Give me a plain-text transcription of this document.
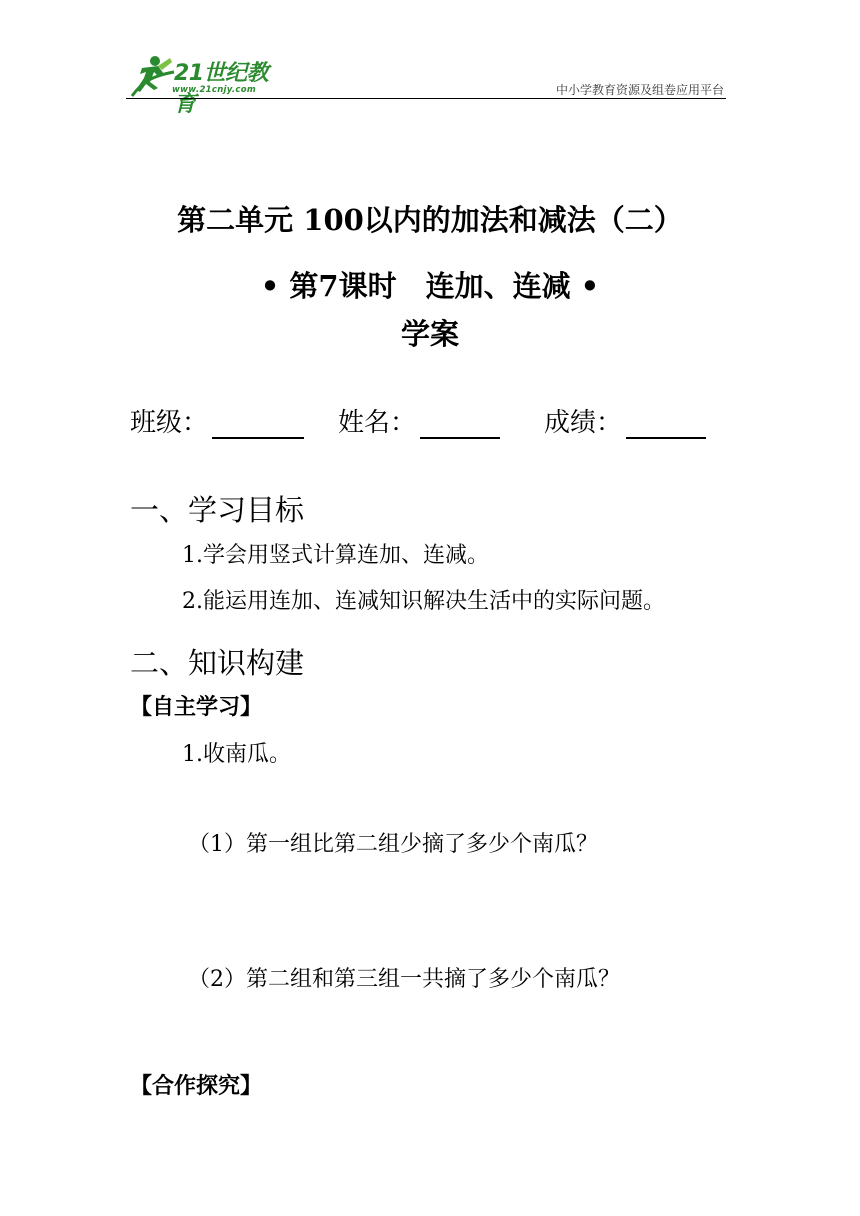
21世纪教育
www.21cnjy.com	中小学教育资源及组卷应用平台
第二单元 100以内的加法和减法（二）
• 第7课时　连加、连减 •
学案
班级：	姓名：	成绩：
一、学习目标
1.学会用竖式计算连加、连减。
2.能运用连加、连减知识解决生活中的实际问题。
二、知识构建
【自主学习】
1.收南瓜。
（1）第一组比第二组少摘了多少个南瓜？
（2）第二组和第三组一共摘了多少个南瓜？
【合作探究】
